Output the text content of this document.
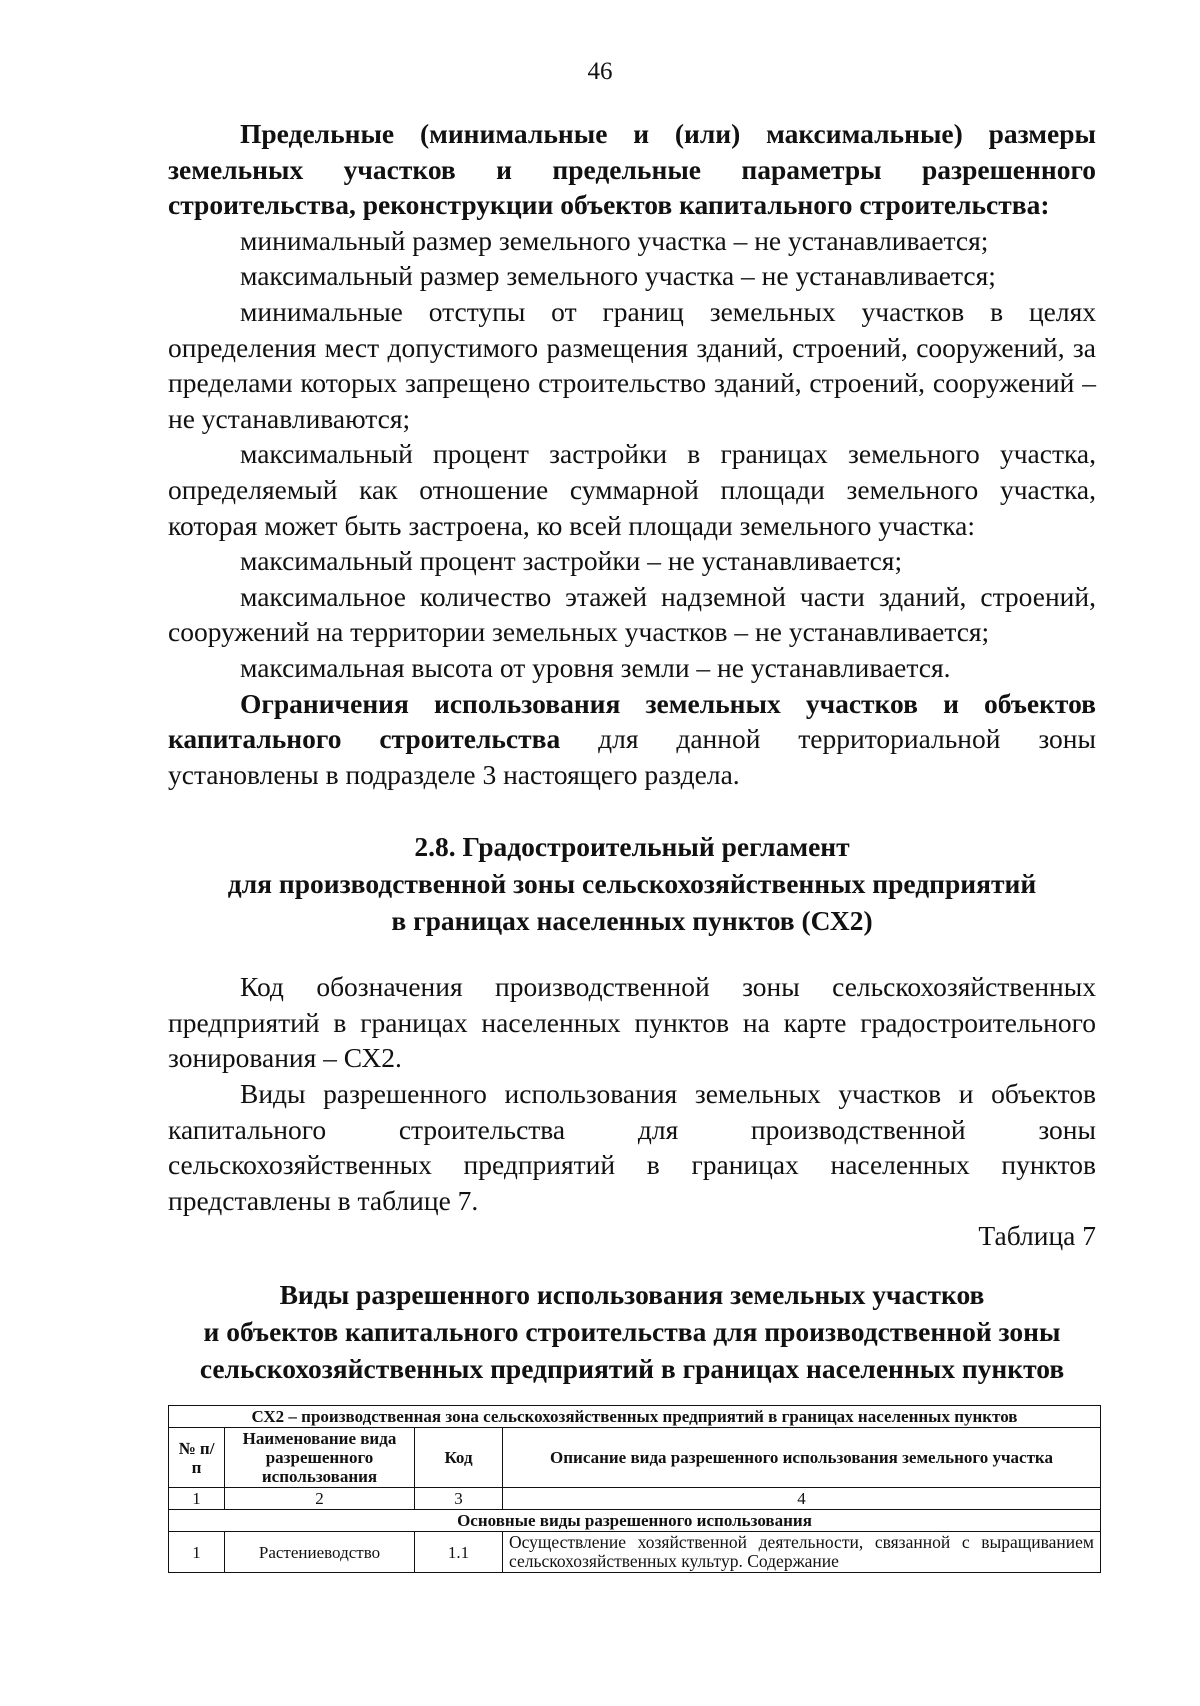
46

Предельные (минимальные и (или) максимальные) размеры земельных участков и предельные параметры разрешенного строительства, реконструкции объектов капитального строительства:

минимальный размер земельного участка – не устанавливается;

максимальный размер земельного участка – не устанавливается;

минимальные отступы от границ земельных участков в целях определения мест допустимого размещения зданий, строений, сооружений, за пределами которых запрещено строительство зданий, строений, сооружений – не устанавливаются;

максимальный процент застройки в границах земельного участка, определяемый как отношение суммарной площади земельного участка, которая может быть застроена, ко всей площади земельного участка:

максимальный процент застройки – не устанавливается;

максимальное количество этажей надземной части зданий, строений, сооружений на территории земельных участков – не устанавливается;

максимальная высота от уровня земли – не устанавливается.

Ограничения использования земельных участков и объектов капитального строительства для данной территориальной зоны установлены в подразделе 3 настоящего раздела.

2.8. Градостроительный регламент
для производственной зоны сельскохозяйственных предприятий
в границах населенных пунктов (СХ2)

Код обозначения производственной зоны сельскохозяйственных предприятий в границах населенных пунктов на карте градостроительного зонирования – СХ2.

Виды разрешенного использования земельных участков и объектов капитального строительства для производственной зоны сельскохозяйственных предприятий в границах населенных пунктов представлены в таблице 7.

Таблица 7

Виды разрешенного использования земельных участков
и объектов капитального строительства для производственной зоны
сельскохозяйственных предприятий в границах населенных пунктов
СХ2 – производственная зона сельскохозяйственных предприятий в границах населенных пунктов			
№ п/п	Наименование вида разрешенного использования	Код	Описание вида разрешенного использования земельного участка
1	2	3	4
Основные виды разрешенного использования			
1	Растениеводство	1.1	Осуществление хозяйственной деятельности, связанной с выращиванием сельскохозяйственных культур. Содержание
